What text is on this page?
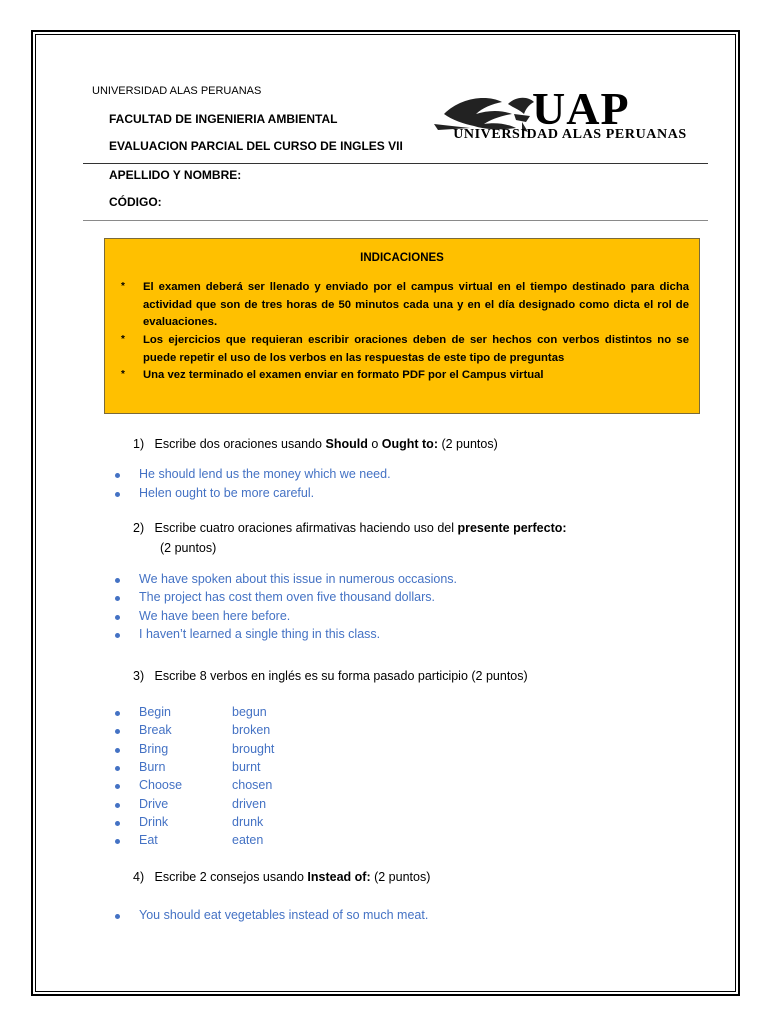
UNIVERSIDAD ALAS PERUANAS
FACULTAD DE INGENIERIA AMBIENTAL
EVALUACION PARCIAL DEL CURSO DE INGLES VII
APELLIDO Y NOMBRE:
CÓDIGO:
UAP
UNIVERSIDAD ALAS PERUANAS
INDICACIONES
* El examen deberá ser llenado y enviado por el campus virtual en el tiempo destinado para dicha actividad que son de tres horas de 50 minutos cada una y en el día designado como dicta el rol de evaluaciones.
* Los ejercicios que requieran escribir oraciones deben de ser hechos con verbos distintos no se puede repetir el uso de los verbos en las respuestas de este tipo de preguntas
* Una vez terminado el examen enviar en formato PDF por el Campus virtual
1) Escribe dos oraciones usando Should o Ought to: (2 puntos)
He should lend us the money which we need.
Helen ought to be more careful.
2) Escribe cuatro oraciones afirmativas haciendo uso del presente perfecto:
(2 puntos)
We have spoken about this issue in numerous occasions.
The project has cost them oven five thousand dollars.
We have been here before.
I haven’t learned a single thing in this class.
3) Escribe 8 verbos en inglés es su forma pasado participio (2 puntos)
Begin	begun
Break	broken
Bring	brought
Burn	burnt
Choose	chosen
Drive	driven
Drink	drunk
Eat	eaten
4) Escribe 2 consejos usando Instead of: (2 puntos)
You should eat vegetables instead of so much meat.
